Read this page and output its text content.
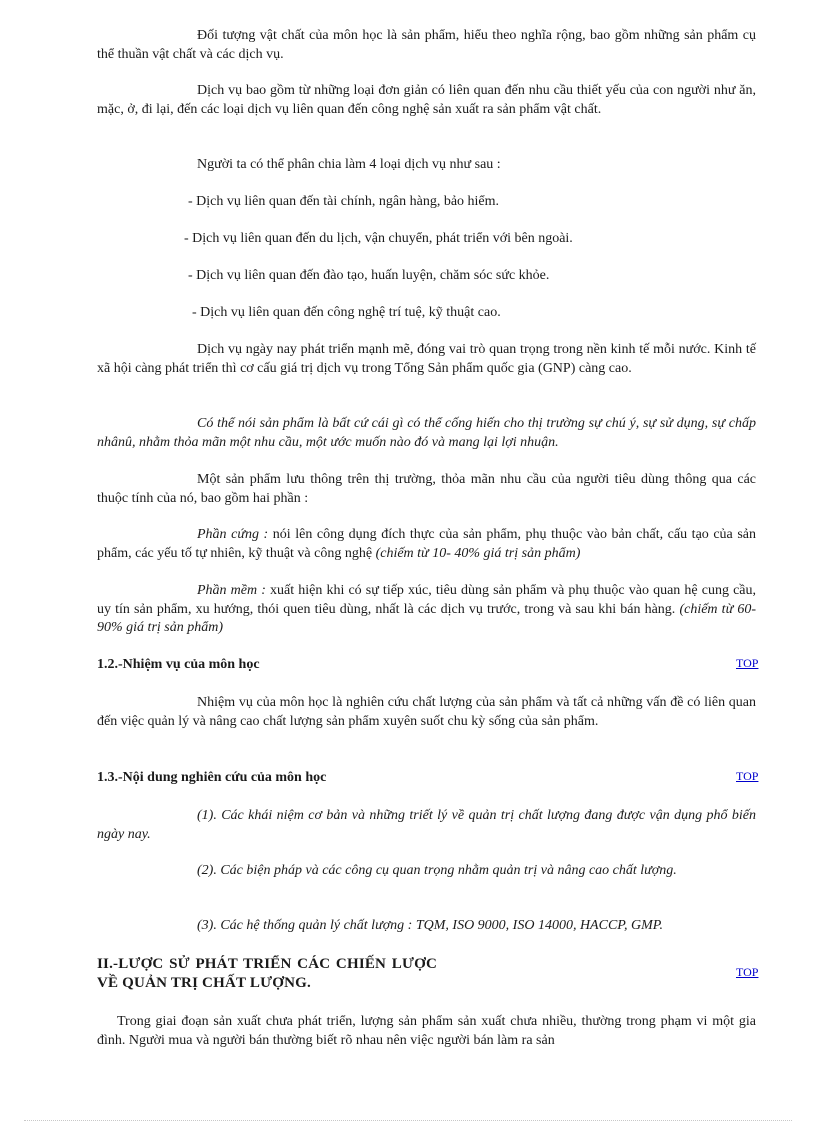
Đối tượng vật chất của môn học là sản phẩm, hiểu theo nghĩa rộng, bao gồm những sản phẩm cụ thể thuần vật chất và các dịch vụ.

Dịch vụ bao gồm từ những loại đơn giản có liên quan đến nhu cầu thiết yếu của con người như ăn, mặc, ở, đi lại, đến các loại dịch vụ liên quan đến công nghệ sản xuất ra sản phẩm vật chất.

Người ta có thể phân chia làm 4 loại dịch vụ như sau :

- Dịch vụ liên quan đến tài chính, ngân hàng, bảo hiểm.

- Dịch vụ liên quan đến du lịch, vận chuyển, phát triển với bên ngoài.

- Dịch vụ liên quan đến đào tạo, huấn luyện, chăm sóc sức khỏe.

- Dịch vụ liên quan đến công nghệ trí tuệ, kỹ thuật cao.

Dịch vụ ngày nay phát triển mạnh mẽ, đóng vai trò quan trọng trong nền kinh tế mỗi nước. Kinh tế xã hội càng phát triển thì cơ cấu giá trị dịch vụ trong Tổng Sản phẩm quốc gia (GNP) càng cao.

Có thể nói sản phẩm là bất cứ cái gì có thể cống hiến cho thị trường sự chú ý, sự sử dụng, sự chấp nhânû, nhằm thỏa mãn một nhu cầu, một ước muốn nào đó và mang lại lợi nhuận.

Một sản phẩm lưu thông trên thị trường, thỏa mãn nhu cầu của người tiêu dùng thông qua các thuộc tính của nó, bao gồm hai phần :

Phần cứng : nói lên công dụng đích thực của sản phẩm, phụ thuộc vào bản chất, cấu tạo của sản phẩm, các yếu tố tự nhiên, kỹ thuật và công nghệ (chiếm từ 10- 40% giá trị sản phẩm)

Phần mềm : xuất hiện khi có sự tiếp xúc, tiêu dùng sản phẩm và phụ thuộc vào quan hệ cung cầu, uy tín sản phẩm, xu hướng, thói quen tiêu dùng, nhất là các dịch vụ trước, trong và sau khi bán hàng. (chiếm từ 60-90% giá trị sản phẩm)

1.2.-Nhiệm vụ của môn học	TOP

Nhiệm vụ của môn học là nghiên cứu chất lượng của sản phẩm và tất cả những vấn đề có liên quan đến việc quản lý và nâng cao chất lượng sản phẩm xuyên suốt chu kỳ sống của sản phẩm.

1.3.-Nội dung nghiên cứu của môn học	TOP

(1). Các khái niệm cơ bản và những triết lý về quản trị chất lượng đang được vận dụng phổ biến ngày nay.

(2). Các biện pháp và các công cụ quan trọng nhằm quản trị và nâng cao chất lượng.

(3). Các hệ thống quản lý chất lượng : TQM, ISO 9000, ISO 14000, HACCP, GMP.

II.-LƯỢC SỬ PHÁT TRIỂN CÁC CHIẾN LƯỢC VỀ QUẢN TRỊ CHẤT LƯỢNG.

TOP

Trong giai đoạn sản xuất chưa phát triển, lượng sản phẩm sản xuất chưa nhiều, thường trong phạm vi một gia đình. Người mua và người bán thường biết rõ nhau nên việc người bán làm ra sản
